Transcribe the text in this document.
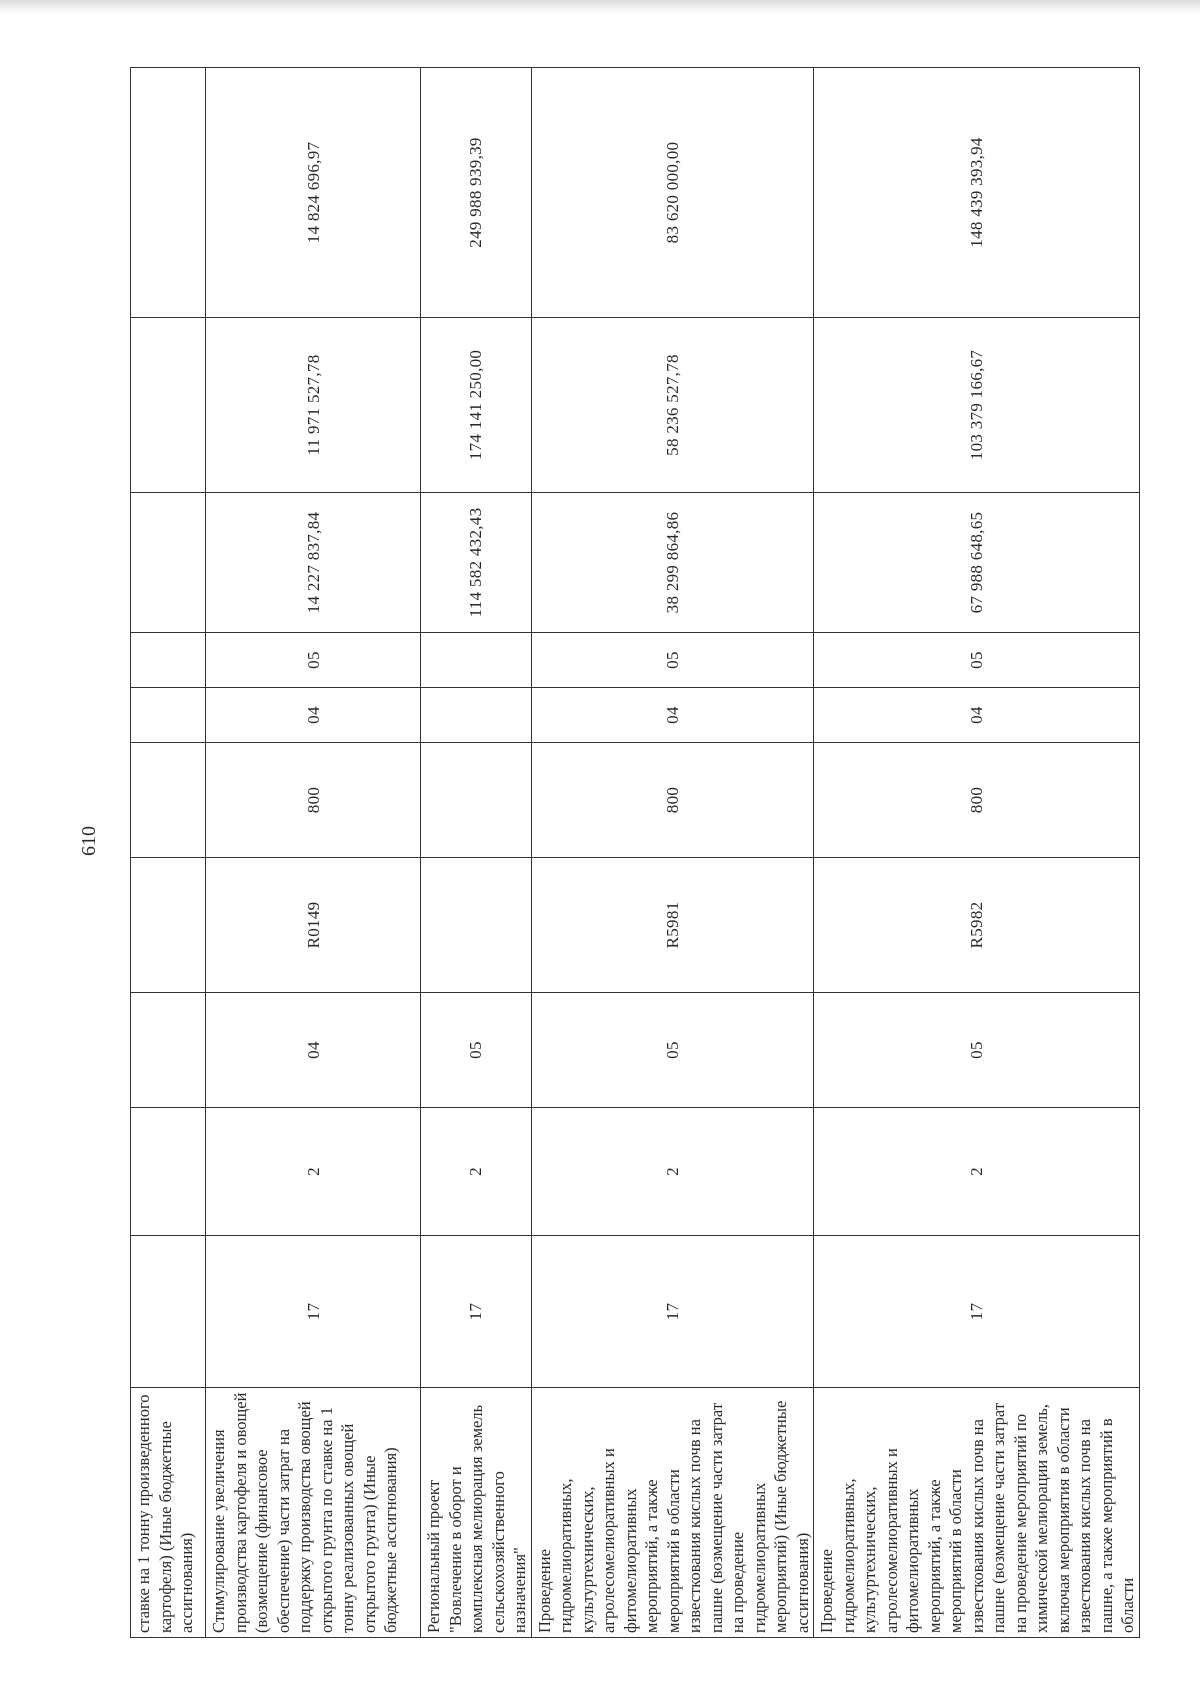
610
ставке на 1 тонну произведенного картофеля) (Иные бюджетные ассигнования)										
Стимулирование увеличения производства картофеля и овощей (возмещение (финансовое обеспечение) части затрат на поддержку производства овощей открытого грунта по ставке на 1 тонну реализованных овощей открытого грунта) (Иные бюджетные ассигнования)	17	2	04	R0149	800	04	05	14 227 837,84	11 971 527,78	14 824 696,97
Региональный проект "Вовлечение в оборот и комплексная мелиорация земель сельскохозяйственного назначения"	17	2	05					114 582 432,43	174 141 250,00	249 988 939,39
Проведение гидромелиоративных, культуртехнических, агролесомелиоративных и фитомелиоративных мероприятий, а также мероприятий в области известкования кислых почв на пашне (возмещение части затрат на проведение гидромелиоративных мероприятий) (Иные бюджетные ассигнования)	17	2	05	R5981	800	04	05	38 299 864,86	58 236 527,78	83 620 000,00
Проведение гидромелиоративных, культуртехнических, агролесомелиоративных и фитомелиоративных мероприятий, а также мероприятий в области известкования кислых почв на пашне (возмещение части затрат на проведение мероприятий по химической мелиорации земель, включая мероприятия в области известкования кислых почв на пашне, а также мероприятий в области	17	2	05	R5982	800	04	05	67 988 648,65	103 379 166,67	148 439 393,94
